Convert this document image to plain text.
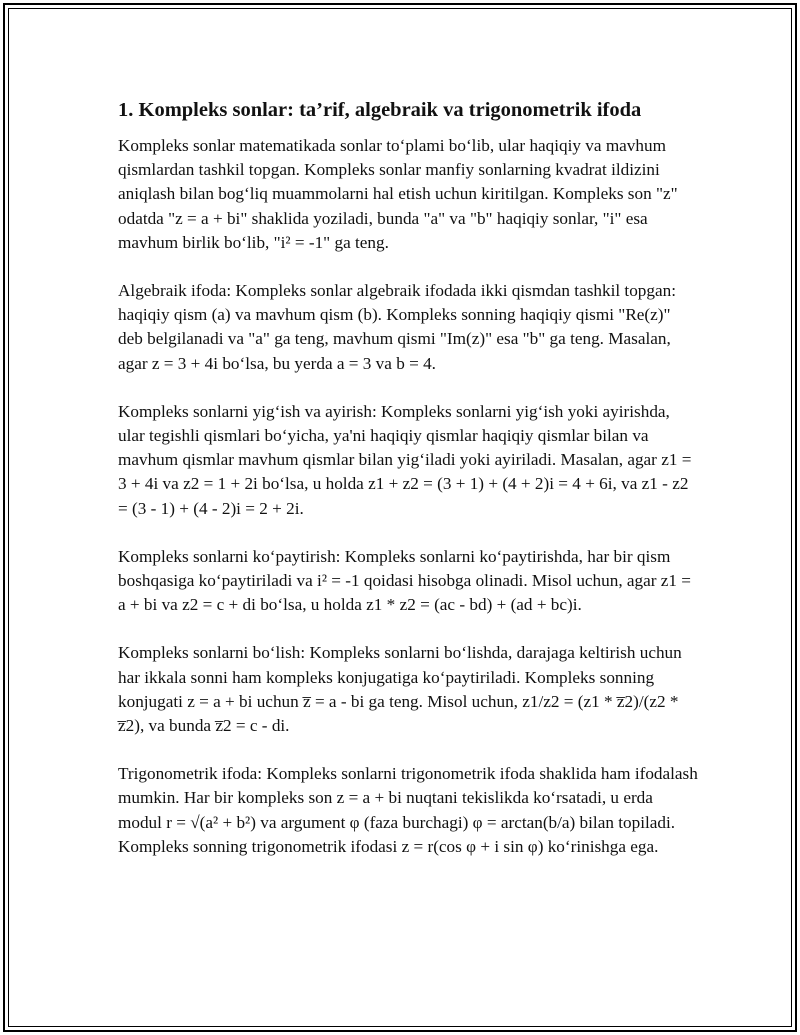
1. Kompleks sonlar: ta’rif, algebraik va trigonometrik ifoda

Kompleks sonlar matematikada sonlar to‘plami bo‘lib, ular haqiqiy va mavhum qismlardan tashkil topgan. Kompleks sonlar manfiy sonlarning kvadrat ildizini aniqlash bilan bog‘liq muammolarni hal etish uchun kiritilgan. Kompleks son "z" odatda "z = a + bi" shaklida yoziladi, bunda "a" va "b" haqiqiy sonlar, "i" esa mavhum birlik bo‘lib, "i² = -1" ga teng.

Algebraik ifoda: Kompleks sonlar algebraik ifodada ikki qismdan tashkil topgan: haqiqiy qism (a) va mavhum qism (b). Kompleks sonning haqiqiy qismi "Re(z)" deb belgilanadi va "a" ga teng, mavhum qismi "Im(z)" esa "b" ga teng. Masalan, agar z = 3 + 4i bo‘lsa, bu yerda a = 3 va b = 4.

Kompleks sonlarni yig‘ish va ayirish: Kompleks sonlarni yig‘ish yoki ayirishda, ular tegishli qismlari bo‘yicha, ya'ni haqiqiy qismlar haqiqiy qismlar bilan va mavhum qismlar mavhum qismlar bilan yig‘iladi yoki ayiriladi. Masalan, agar z1 = 3 + 4i va z2 = 1 + 2i bo‘lsa, u holda z1 + z2 = (3 + 1) + (4 + 2)i = 4 + 6i, va z1 - z2 = (3 - 1) + (4 - 2)i = 2 + 2i.

Kompleks sonlarni ko‘paytirish: Kompleks sonlarni ko‘paytirishda, har bir qism boshqasiga ko‘paytiriladi va i² = -1 qoidasi hisobga olinadi. Misol uchun, agar z1 = a + bi va z2 = c + di bo‘lsa, u holda z1 * z2 = (ac - bd) + (ad + bc)i.

Kompleks sonlarni bo‘lish: Kompleks sonlarni bo‘lishda, darajaga keltirish uchun har ikkala sonni ham kompleks konjugatiga ko‘paytiriladi. Kompleks sonning konjugati z = a + bi uchun z̅ = a - bi ga teng. Misol uchun, z1/z2 = (z1 * z̅2)/(z2 * z̅2), va bunda z̅2 = c - di.

Trigonometrik ifoda: Kompleks sonlarni trigonometrik ifoda shaklida ham ifodalash mumkin. Har bir kompleks son z = a + bi nuqtani tekislikda ko‘rsatadi, u erda modul r = √(a² + b²) va argument φ (faza burchagi) φ = arctan(b/a) bilan topiladi. Kompleks sonning trigonometrik ifodasi z = r(cos φ + i sin φ) ko‘rinishga ega.
